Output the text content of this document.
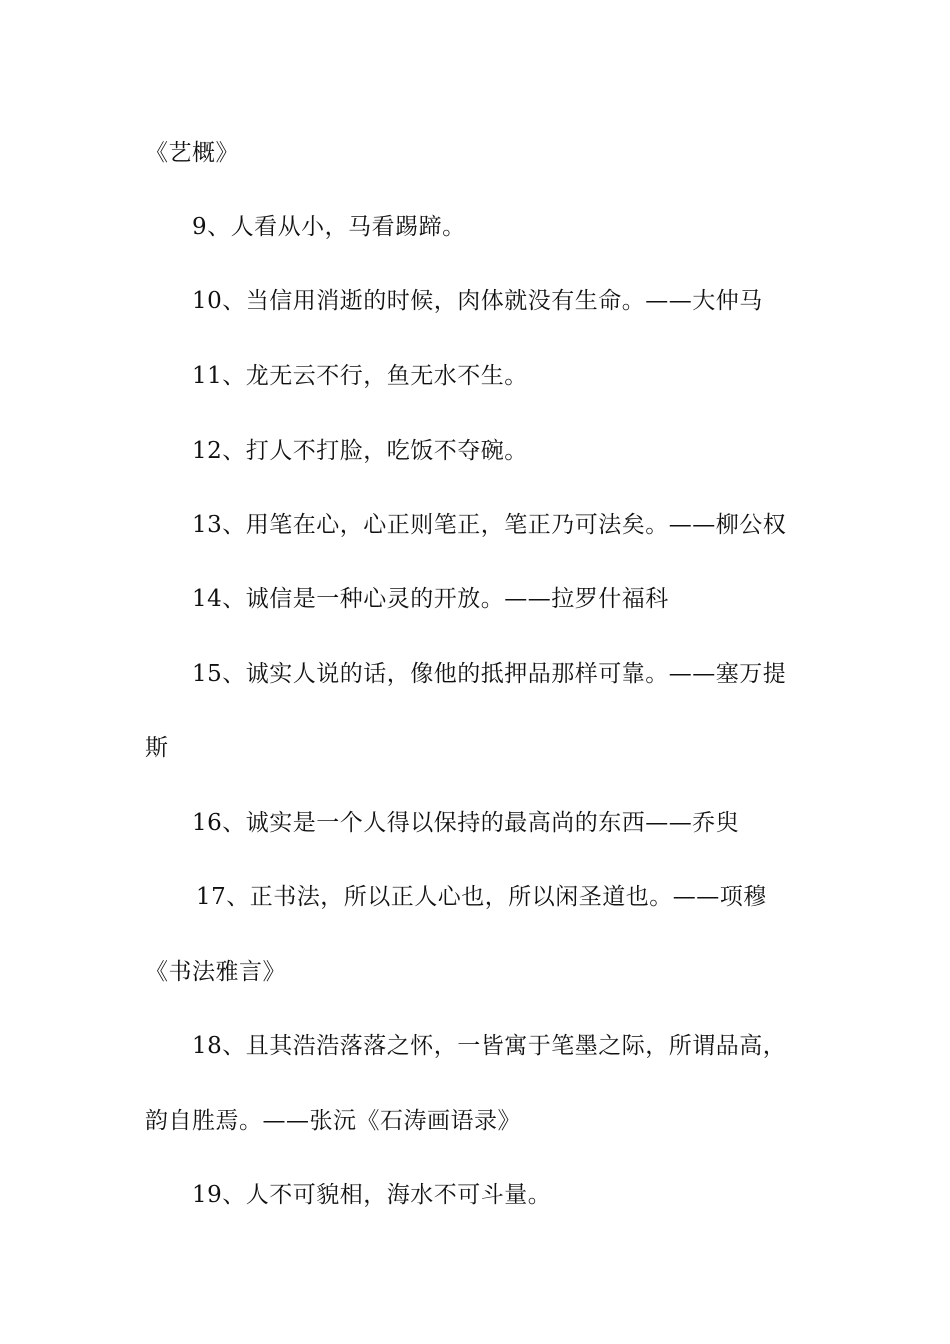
《艺概》
9、人看从小，马看踢蹄。
10、当信用消逝的时候，肉体就没有生命。——大仲马
11、龙无云不行，鱼无水不生。
12、打人不打脸，吃饭不夺碗。
13、用笔在心，心正则笔正，笔正乃可法矣。——柳公权
14、诚信是一种心灵的开放。——拉罗什福科
15、诚实人说的话，像他的抵押品那样可靠。——塞万提
斯
16、诚实是一个人得以保持的最高尚的东西——乔臾
17、正书法，所以正人心也，所以闲圣道也。——项穆
《书法雅言》
18、且其浩浩落落之怀，一皆寓于笔墨之际，所谓品高，
韵自胜焉。——张沅《石涛画语录》
19、人不可貌相，海水不可斗量。
